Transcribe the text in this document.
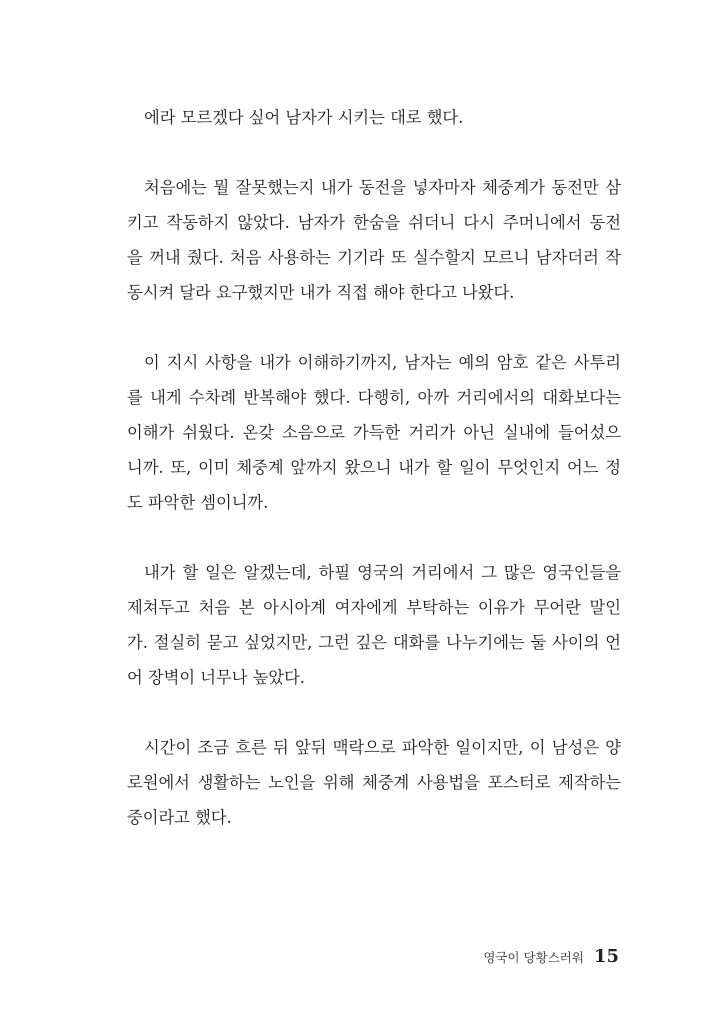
에라 모르겠다 싶어 남자가 시키는 대로 했다.

처음에는 뭘 잘못했는지 내가 동전을 넣자마자 체중계가 동전만 삼
키고 작동하지 않았다. 남자가 한숨을 쉬더니 다시 주머니에서 동전
을 꺼내 줬다. 처음 사용하는 기기라 또 실수할지 모르니 남자더러 작
동시켜 달라 요구했지만 내가 직접 해야 한다고 나왔다.

이 지시 사항을 내가 이해하기까지, 남자는 예의 암호 같은 사투리
를 내게 수차례 반복해야 했다. 다행히, 아까 거리에서의 대화보다는
이해가 쉬웠다. 온갖 소음으로 가득한 거리가 아닌 실내에 들어섰으
니까. 또, 이미 체중계 앞까지 왔으니 내가 할 일이 무엇인지 어느 정
도 파악한 셈이니까.

내가 할 일은 알겠는데, 하필 영국의 거리에서 그 많은 영국인들을
제쳐두고 처음 본 아시아계 여자에게 부탁하는 이유가 무어란 말인
가. 절실히 묻고 싶었지만, 그런 깊은 대화를 나누기에는 둘 사이의 언
어 장벽이 너무나 높았다.

시간이 조금 흐른 뒤 앞뒤 맥락으로 파악한 일이지만, 이 남성은 양
로원에서 생활하는 노인을 위해 체중계 사용법을 포스터로 제작하는
중이라고 했다.

영국이 당황스러워 15
